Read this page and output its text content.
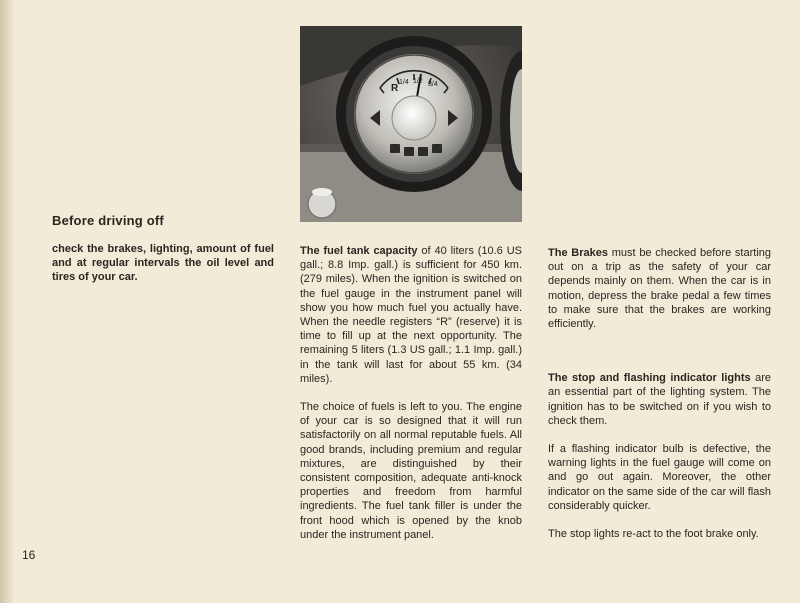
R
1/4 1/2 3/4
Before driving off

check the brakes, lighting, amount of fuel and at regular intervals the oil level and tires of your car.

The fuel tank capacity of 40 liters (10.6 US gall.; 8.8 Imp. gall.) is sufficient for 450 km. (279 miles). When the ignition is switched on the fuel gauge in the instrument panel will show you how much fuel you actually have. When the needle registers “R” (reserve) it is time to fill up at the next opportunity. The remaining 5 liters (1.3 US gall.; 1.1 Imp. gall.) in the tank will last for about 55 km. (34 miles).

The choice of fuels is left to you. The engine of your car is so designed that it will run satisfactorily on all normal reputable fuels. All good brands, including premium and regular mixtures, are distinguished by their consistent composition, adequate anti-knock properties and freedom from harmful ingredients. The fuel tank filler is under the front hood which is opened by the knob under the instrument panel.

The Brakes must be checked before starting out on a trip as the safety of your car depends mainly on them. When the car is in motion, depress the brake pedal a few times to make sure that the brakes are working efficiently.

The stop and flashing indicator lights are an essential part of the lighting system. The ignition has to be switched on if you wish to check them.

If a flashing indicator bulb is defective, the warning lights in the fuel gauge will come on and go out again. Moreover, the other indicator on the same side of the car will flash considerably quicker.

The stop lights re-act to the foot brake only.

16
